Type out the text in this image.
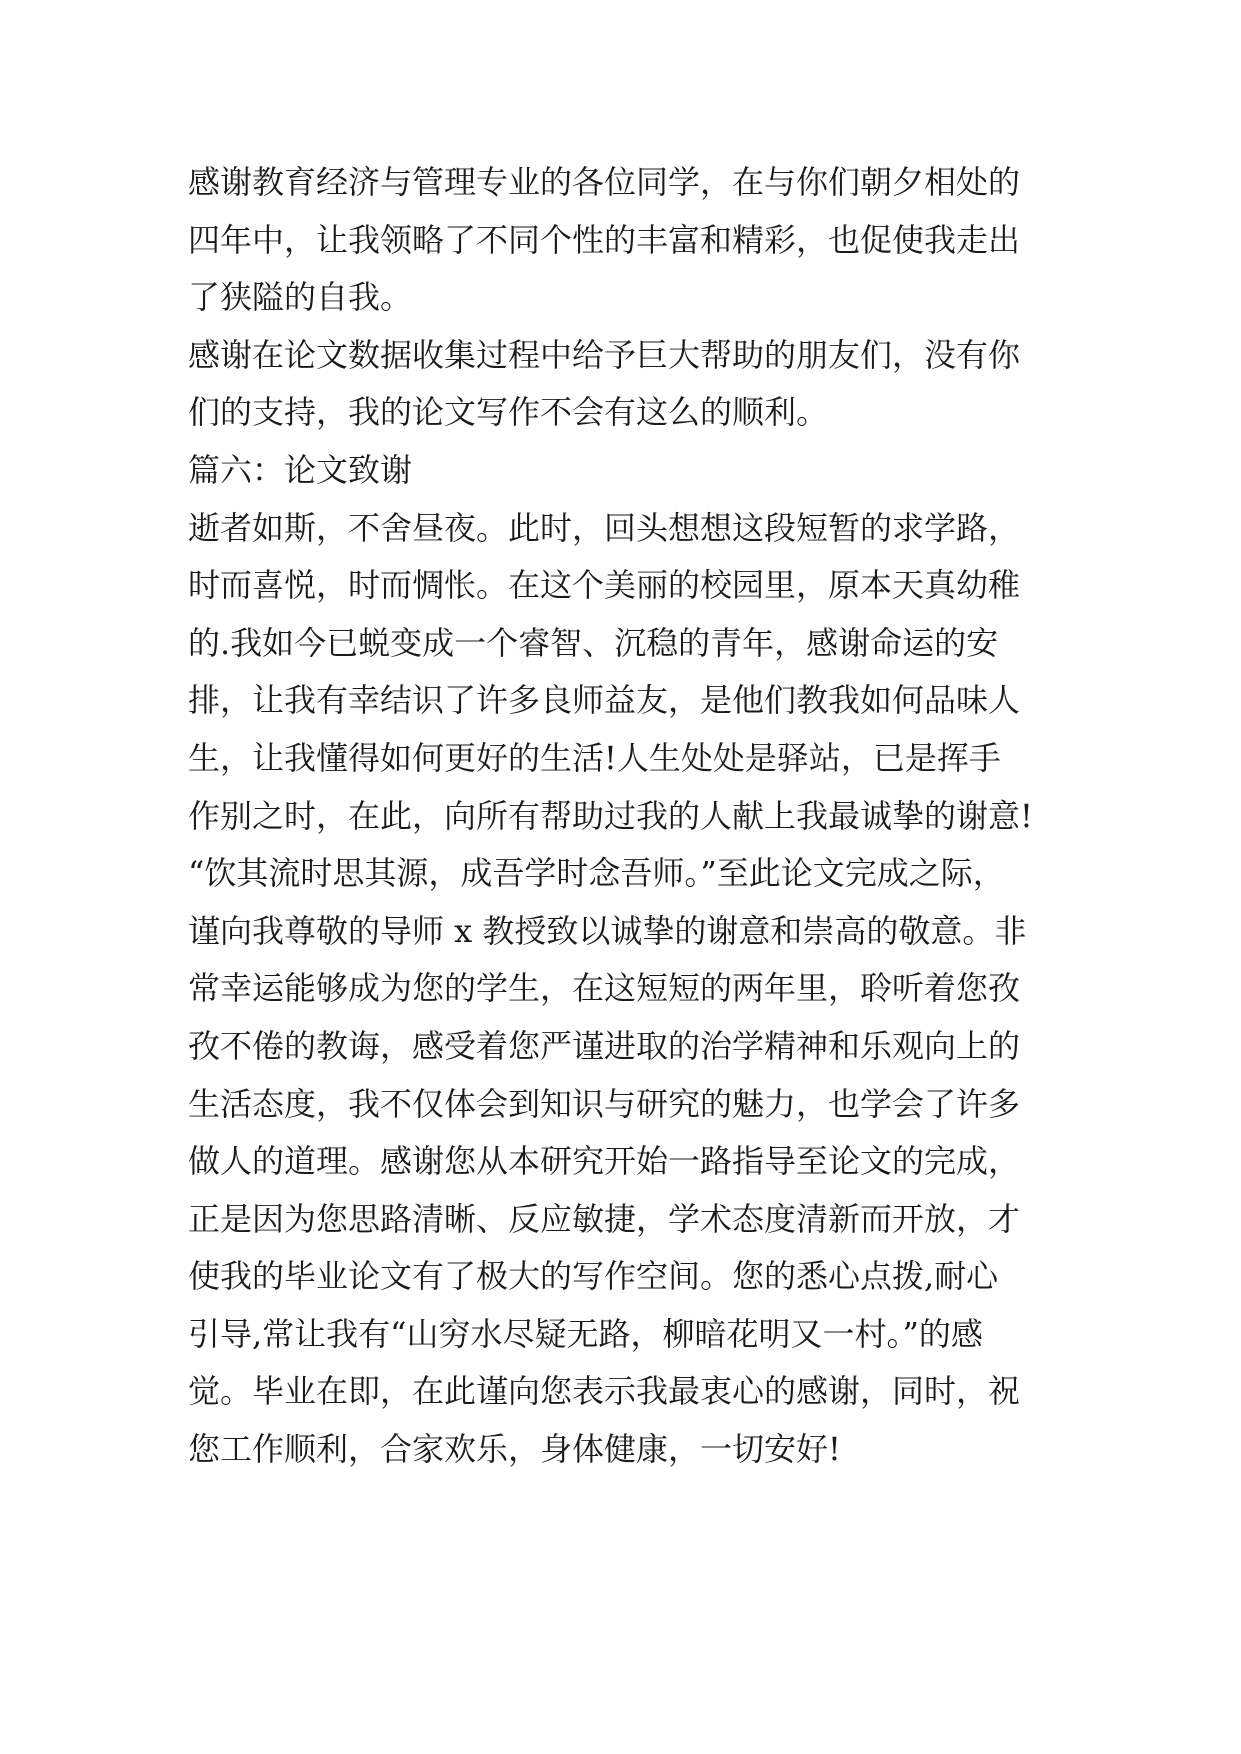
感谢教育经济与管理专业的各位同学，在与你们朝夕相处的
四年中，让我领略了不同个性的丰富和精彩，也促使我走出
了狭隘的自我。
感谢在论文数据收集过程中给予巨大帮助的朋友们，没有你
们的支持，我的论文写作不会有这么的顺利。
篇六：论文致谢
逝者如斯，不舍昼夜。此时，回头想想这段短暂的求学路，
时而喜悦，时而惆怅。在这个美丽的校园里，原本天真幼稚
的.我如今已蜕变成一个睿智、沉稳的青年，感谢命运的安
排，让我有幸结识了许多良师益友，是他们教我如何品味人
生，让我懂得如何更好的生活!人生处处是驿站，已是挥手
作别之时，在此，向所有帮助过我的人献上我最诚挚的谢意!
“饮其流时思其源，成吾学时念吾师。”至此论文完成之际，
谨向我尊敬的导师 x 教授致以诚挚的谢意和崇高的敬意。非
常幸运能够成为您的学生，在这短短的两年里，聆听着您孜
孜不倦的教诲，感受着您严谨进取的治学精神和乐观向上的
生活态度，我不仅体会到知识与研究的魅力，也学会了许多
做人的道理。感谢您从本研究开始一路指导至论文的完成，
正是因为您思路清晰、反应敏捷，学术态度清新而开放，才
使我的毕业论文有了极大的写作空间。您的悉心点拨,耐心
引导,常让我有“山穷水尽疑无路，柳暗花明又一村。”的感
觉。毕业在即，在此谨向您表示我最衷心的感谢，同时，祝
您工作顺利，合家欢乐，身体健康，一切安好!
